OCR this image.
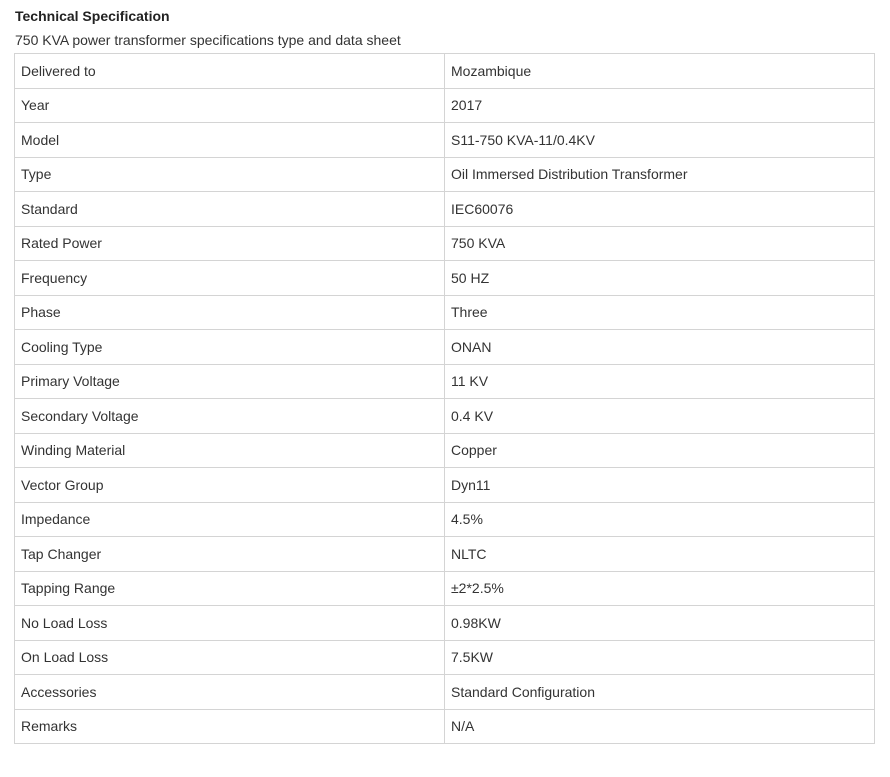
Technical Specification
750 KVA power transformer specifications type and data sheet
Delivered to	Mozambique
Year	2017
Model	S11-750 KVA-11/0.4KV
Type	Oil Immersed Distribution Transformer
Standard	IEC60076
Rated Power	750 KVA
Frequency	50 HZ
Phase	Three
Cooling Type	ONAN
Primary Voltage	11 KV
Secondary Voltage	0.4 KV
Winding Material	Copper
Vector Group	Dyn11
Impedance	4.5%
Tap Changer	NLTC
Tapping Range	±2*2.5%
No Load Loss	0.98KW
On Load Loss	7.5KW
Accessories	Standard Configuration
Remarks	N/A
